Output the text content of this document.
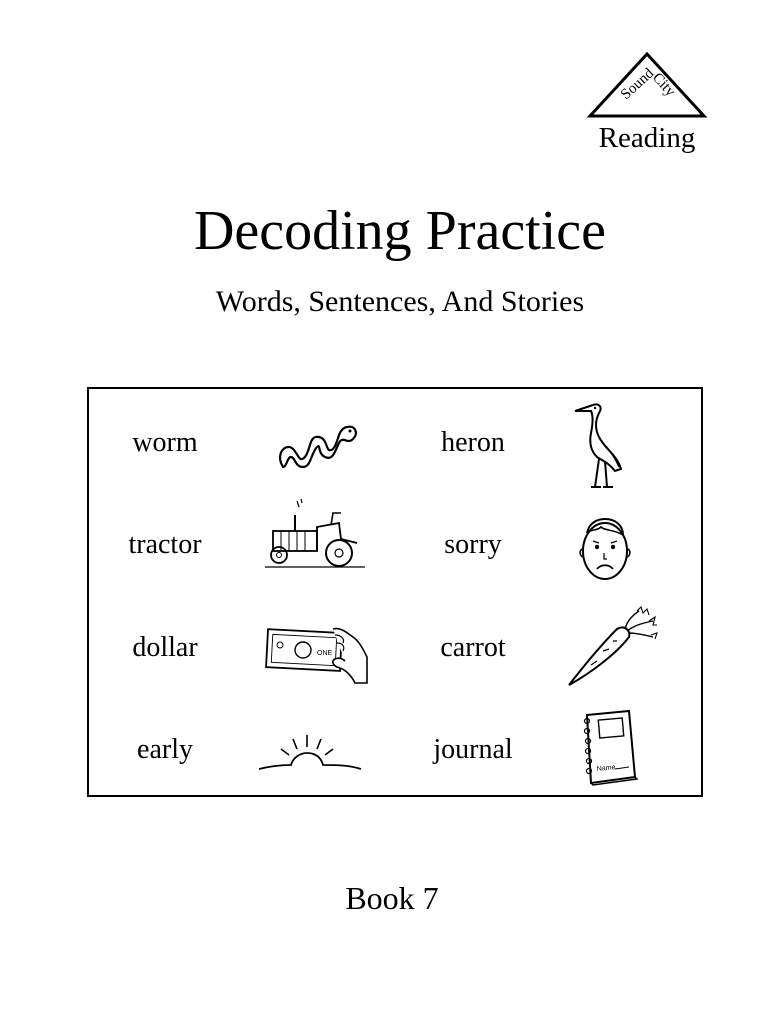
Sound
City
Reading
Decoding Practice
Words, Sentences, And Stories
worm	heron
tractor	sorry
dollar	ONE	carrot
early	journal
Name
Book 7
